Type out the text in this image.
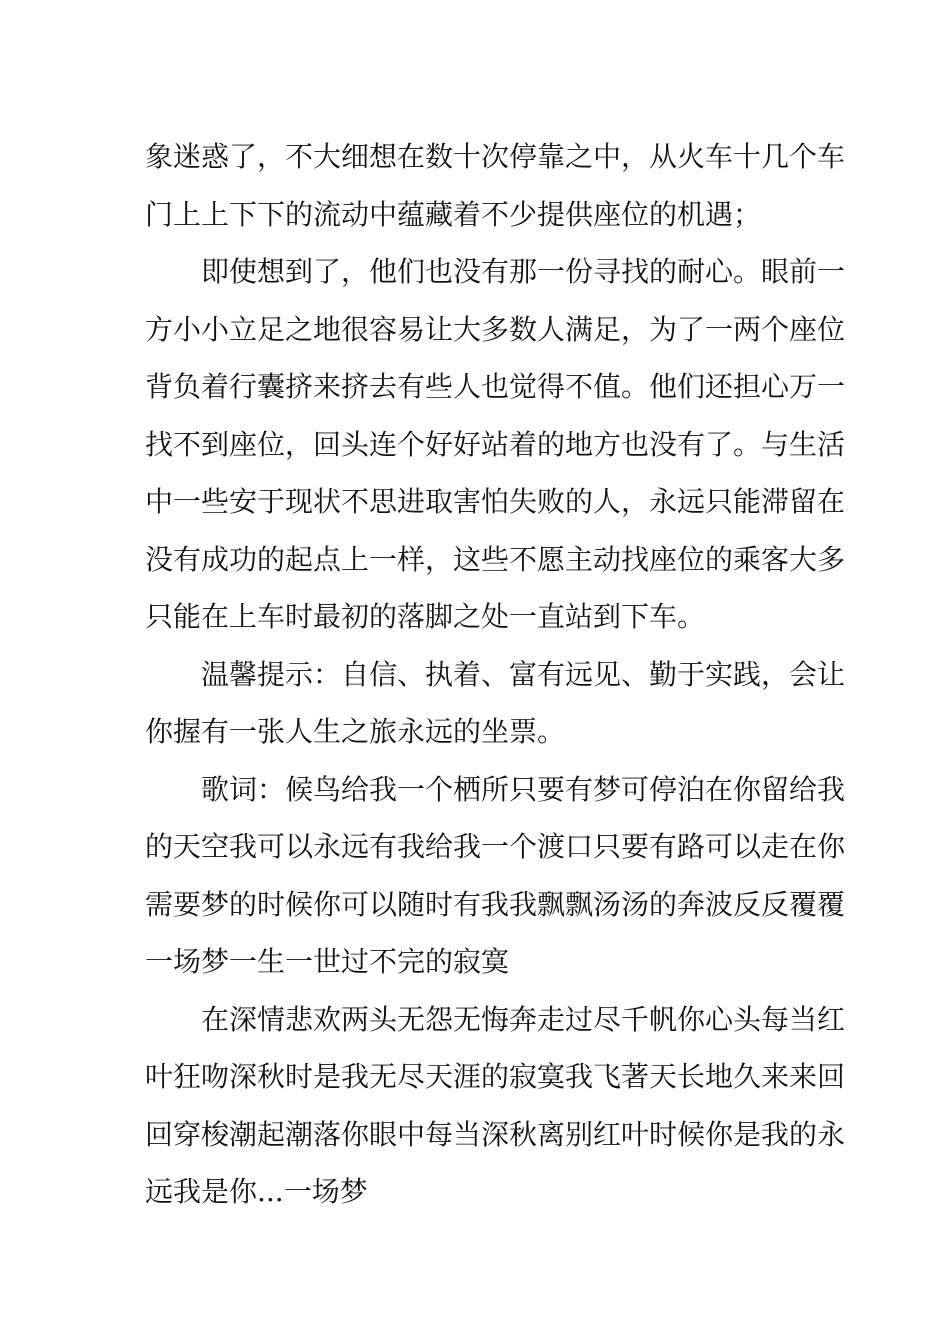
象迷惑了，不大细想在数十次停靠之中，从火车十几个车
门上上下下的流动中蕴藏着不少提供座位的机遇；
即使想到了，他们也没有那一份寻找的耐心。眼前一
方小小立足之地很容易让大多数人满足，为了一两个座位
背负着行囊挤来挤去有些人也觉得不值。他们还担心万一
找不到座位，回头连个好好站着的地方也没有了。与生活
中一些安于现状不思进取害怕失败的人，永远只能滞留在
没有成功的起点上一样，这些不愿主动找座位的乘客大多
只能在上车时最初的落脚之处一直站到下车。
温馨提示：自信、执着、富有远见、勤于实践，会让
你握有一张人生之旅永远的坐票。
歌词：候鸟给我一个栖所只要有梦可停泊在你留给我
的天空我可以永远有我给我一个渡口只要有路可以走在你
需要梦的时候你可以随时有我我飘飘汤汤的奔波反反覆覆
一场梦一生一世过不完的寂寞
在深情悲欢两头无怨无悔奔走过尽千帆你心头每当红
叶狂吻深秋时是我无尽天涯的寂寞我飞著天长地久来来回
回穿梭潮起潮落你眼中每当深秋离别红叶时候你是我的永
远我是你...一场梦
